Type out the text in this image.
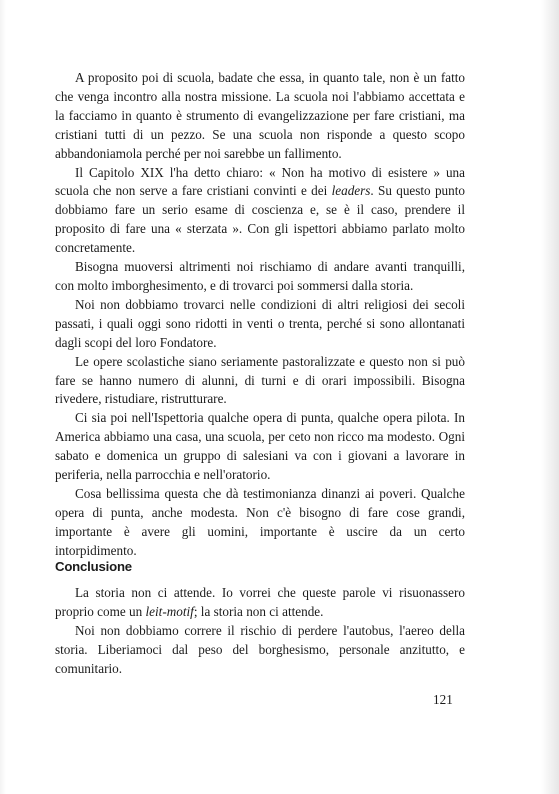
A proposito poi di scuola, badate che essa, in quanto tale, non è un fatto che venga incontro alla nostra missione. La scuola noi l'abbiamo accettata e la facciamo in quanto è strumento di evangelizzazione per fare cristiani, ma cristiani tutti di un pezzo. Se una scuola non risponde a questo scopo abbandoniamola perché per noi sarebbe un fallimento.

Il Capitolo XIX l'ha detto chiaro: « Non ha motivo di esistere » una scuola che non serve a fare cristiani convinti e dei leaders. Su questo punto dobbiamo fare un serio esame di coscienza e, se è il caso, prendere il proposito di fare una « sterzata ». Con gli ispettori abbiamo parlato molto concretamente.

Bisogna muoversi altrimenti noi rischiamo di andare avanti tranquilli, con molto imborghesimento, e di trovarci poi sommersi dalla storia.

Noi non dobbiamo trovarci nelle condizioni di altri religiosi dei secoli passati, i quali oggi sono ridotti in venti o trenta, perché si sono allontanati dagli scopi del loro Fondatore.

Le opere scolastiche siano seriamente pastoralizzate e questo non si può fare se hanno numero di alunni, di turni e di orari impossibili. Bisogna rivedere, ristudiare, ristrutturare.

Ci sia poi nell'Ispettoria qualche opera di punta, qualche opera pilota. In America abbiamo una casa, una scuola, per ceto non ricco ma modesto. Ogni sabato e domenica un gruppo di salesiani va con i giovani a lavorare in periferia, nella parrocchia e nell'oratorio.

Cosa bellissima questa che dà testimonianza dinanzi ai poveri. Qualche opera di punta, anche modesta. Non c'è bisogno di fare cose grandi, importante è avere gli uomini, importante è uscire da un certo intorpidimento.

Conclusione

La storia non ci attende. Io vorrei che queste parole vi risuonassero proprio come un leit-motif; la storia non ci attende.

Noi non dobbiamo correre il rischio di perdere l'autobus, l'aereo della storia. Liberiamoci dal peso del borghesismo, personale anzitutto, e comunitario.

121
